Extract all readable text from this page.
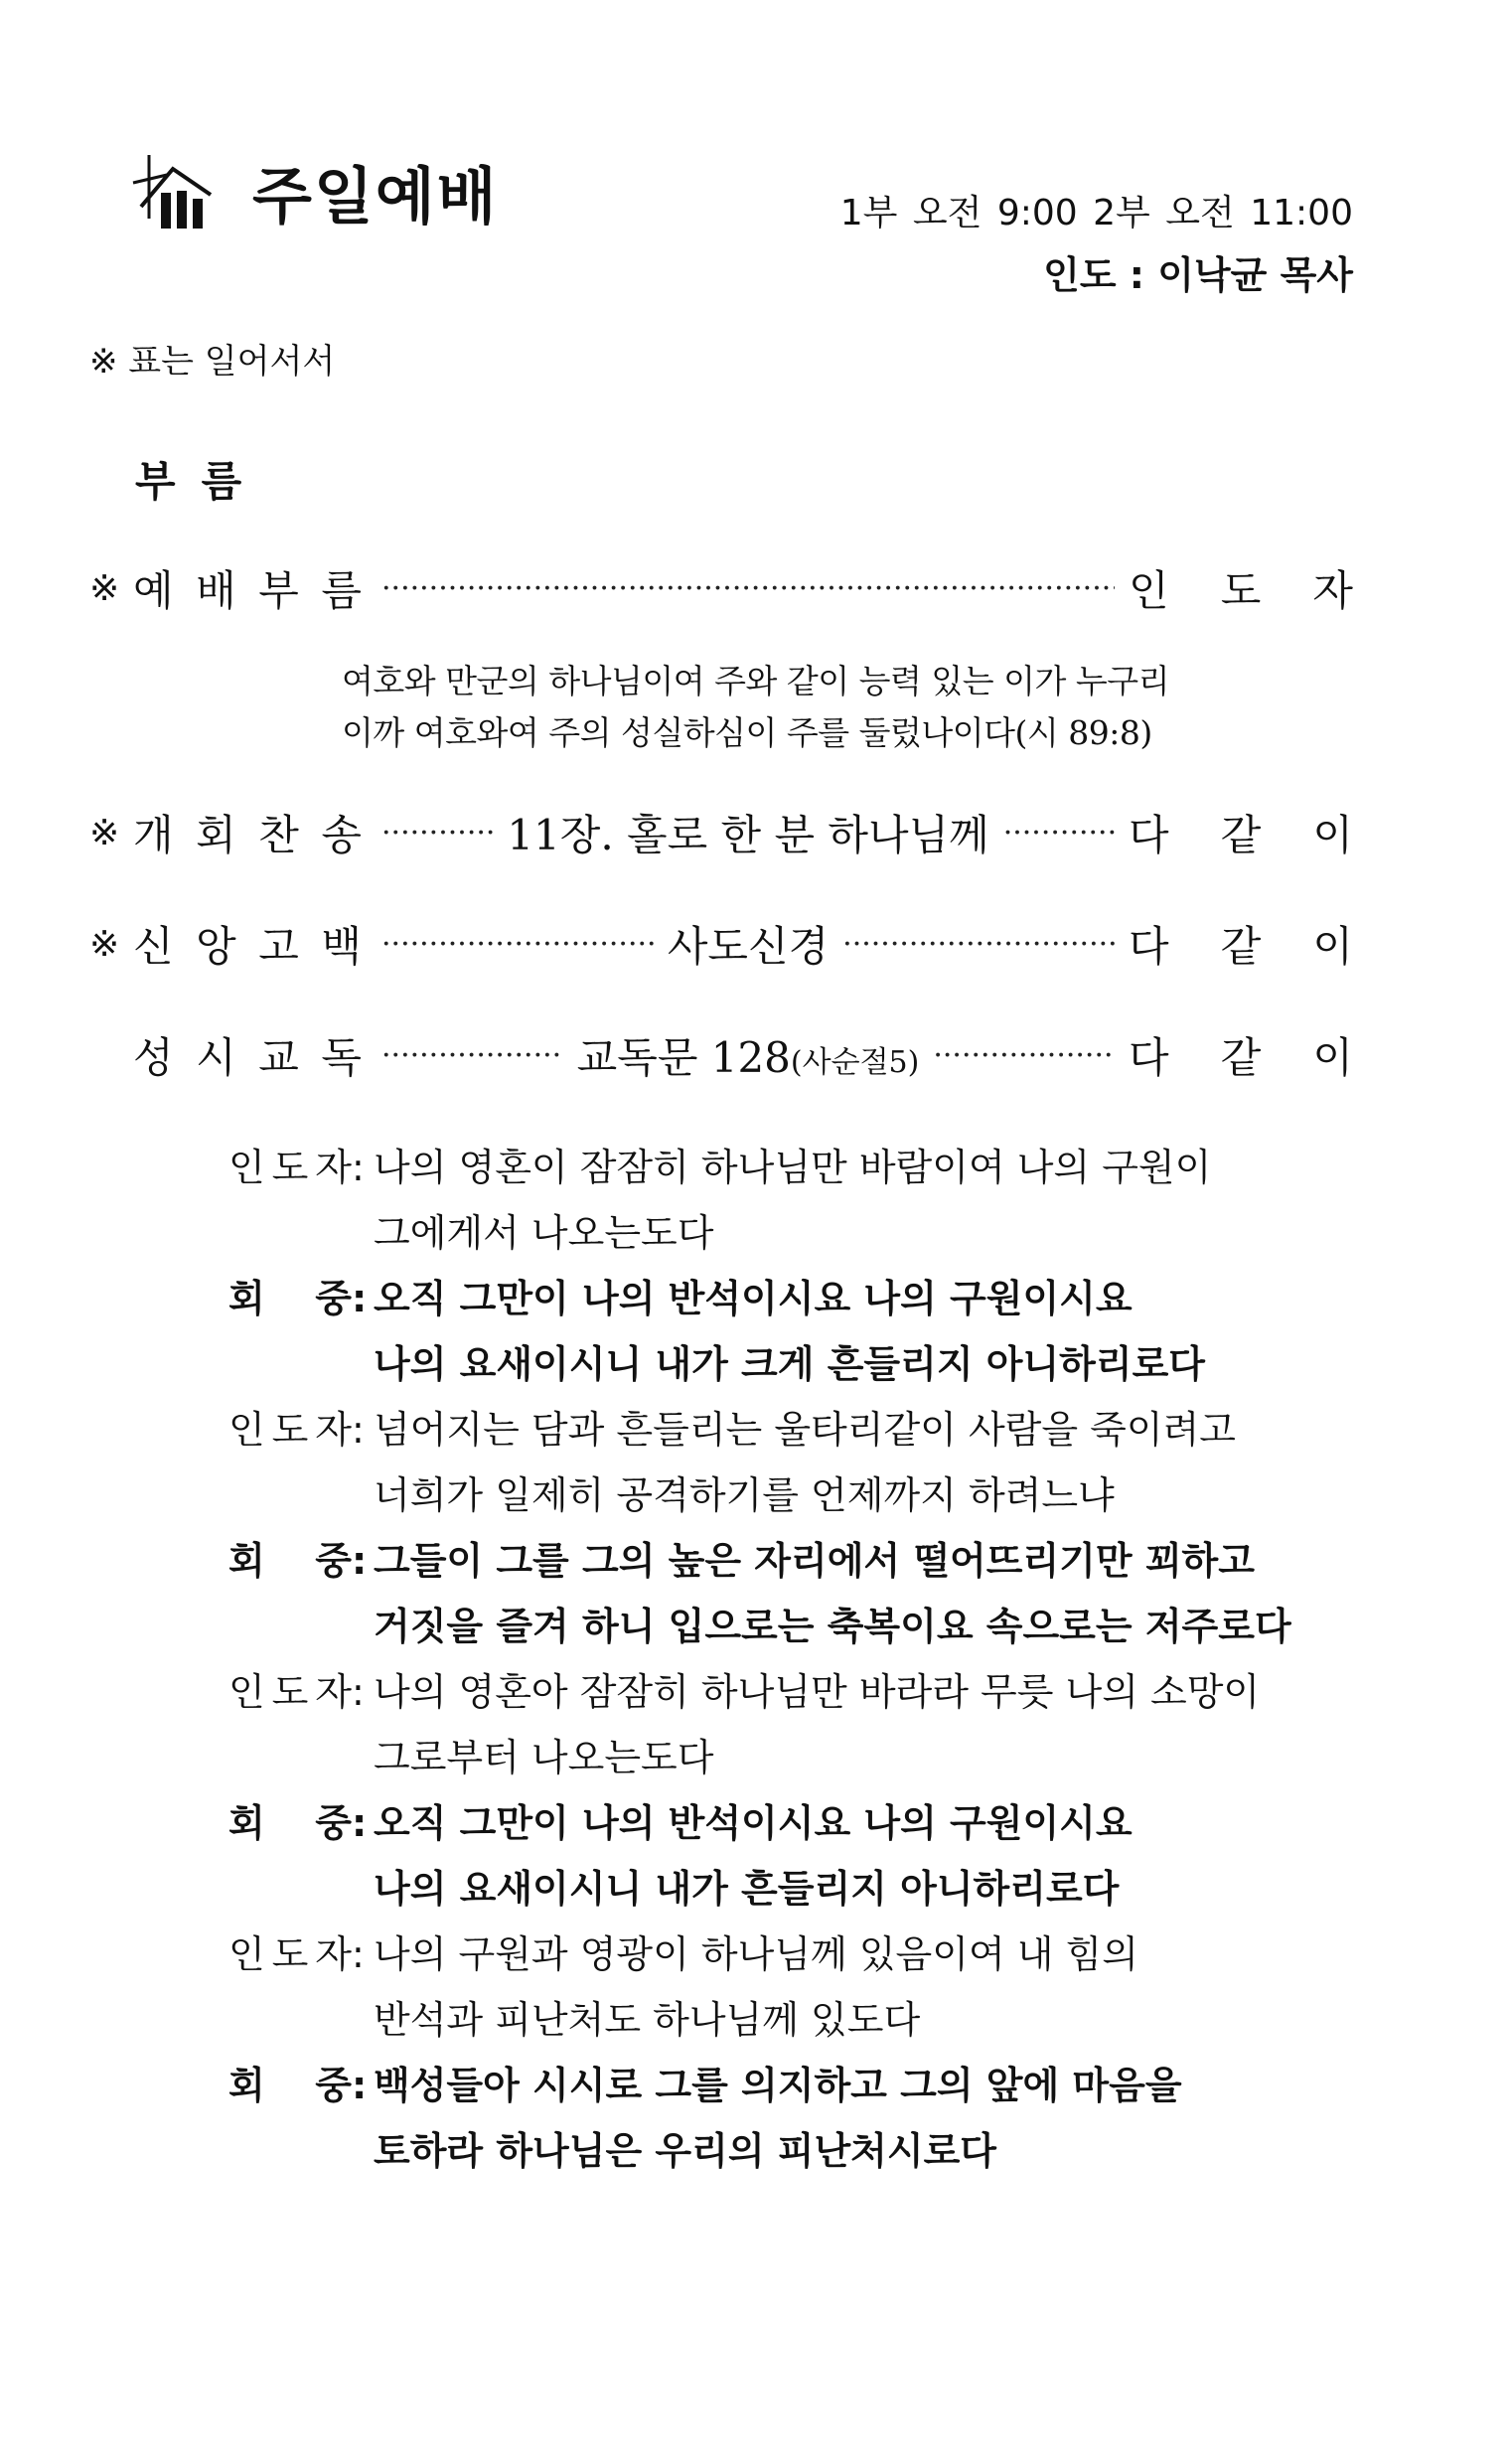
주일예배	1부 오전 9:00 2부 오전 11:00
인도 : 이낙균 목사
※ 표는 일어서서
부름
※ 예 배 부 름 ·····	인 도 자
※ 개 회 찬 송 ·····	11장. 홀로 한 분 하나님께 ·····	다 같 이
※ 신 앙 고 백 ·····	사도신경 ·····	다 같 이
성 시 교 독 ·····	교독문 128(사순절5) ·····	다 같 이
여호와 만군의 하나님이여 주와 같이 능력 있는 이가 누구리
이까 여호와여 주의 성실하심이 주를 둘렀나이다(시 89:8)
인 도 자 : 나의 영혼이 잠잠히 하나님만 바람이여 나의 구원이
그에게서 나오는도다
회 중 : 오직 그만이 나의 반석이시요 나의 구원이시요
나의 요새이시니 내가 크게 흔들리지 아니하리로다
인 도 자 : 넘어지는 담과 흔들리는 울타리같이 사람을 죽이려고
너희가 일제히 공격하기를 언제까지 하려느냐
회 중 : 그들이 그를 그의 높은 자리에서 떨어뜨리기만 꾀하고
거짓을 즐겨 하니 입으로는 축복이요 속으로는 저주로다
인 도 자 : 나의 영혼아 잠잠히 하나님만 바라라 무릇 나의 소망이
그로부터 나오는도다
회 중 : 오직 그만이 나의 반석이시요 나의 구원이시요
나의 요새이시니 내가 흔들리지 아니하리로다
인 도 자 : 나의 구원과 영광이 하나님께 있음이여 내 힘의
반석과 피난처도 하나님께 있도다
회 중 : 백성들아 시시로 그를 의지하고 그의 앞에 마음을
토하라 하나님은 우리의 피난처시로다
